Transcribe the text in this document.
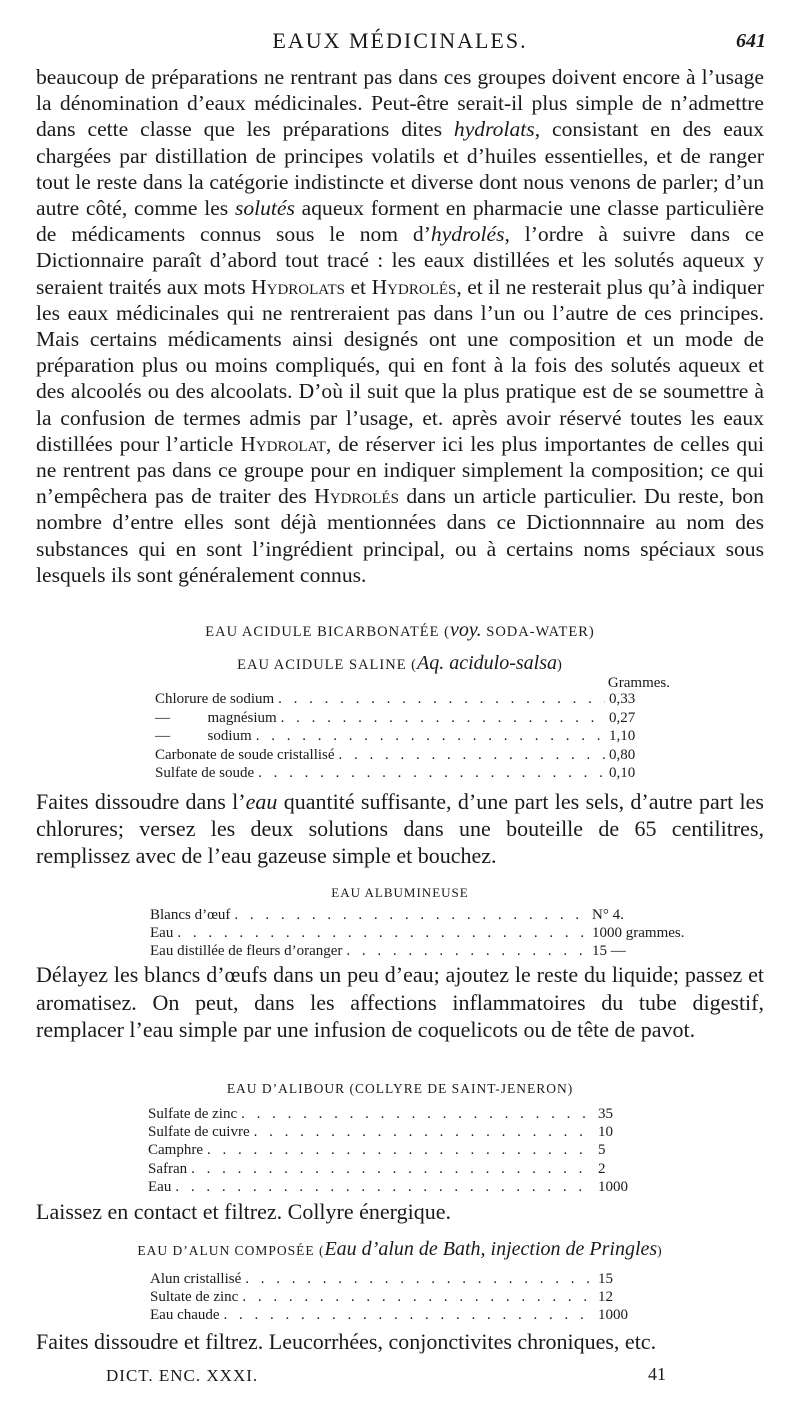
EAUX MÉDICINALES.	641

beaucoup de préparations ne rentrant pas dans ces groupes doivent encore à l’usage la dénomination d’eaux médicinales. Peut-être serait-il plus simple de n’admettre dans cette classe que les préparations dites hydrolats, consistant en des eaux chargées par distillation de principes volatils et d’huiles essentielles, et de ranger tout le reste dans la catégorie indistincte et diverse dont nous venons de parler; d’un autre côté, comme les solutés aqueux forment en pharmacie une classe particulière de médicaments connus sous le nom d’hydrolés, l’ordre à suivre dans ce Dictionnaire paraît d’abord tout tracé : les eaux distillées et les solutés aqueux y seraient traités aux mots Hydrolats et Hydrolés, et il ne resterait plus qu’à indiquer les eaux médicinales qui ne rentreraient pas dans l’un ou l’autre de ces principes. Mais certains médicaments ainsi designés ont une composition et un mode de préparation plus ou moins compliqués, qui en font à la fois des solutés aqueux et des alcoolés ou des alcoolats. D’où il suit que la plus pratique est de se soumettre à la confusion de termes admis par l’usage, et. après avoir réservé toutes les eaux distillées pour l’article Hydrolat, de réserver ici les plus importantes de celles qui ne rentrent pas dans ce groupe pour en indiquer simplement la composition; ce qui n’empêchera pas de traiter des Hydrolés dans un article particulier. Du reste, bon nombre d’entre elles sont déjà mentionnées dans ce Dictionnnaire au nom des substances qui en sont l’ingrédient principal, ou à certains noms spéciaux sous lesquels ils sont généralement connus.

EAU ACIDULE BICARBONATÉE (voy. SODA-WATER)
EAU ACIDULE SALINE (Aq. acidulo-salsa)
Grammes.
Chlorure de sodium . . .	0,33
—          magnésium . . .	0,27
—          sodium . . .	1,10
Carbonate de soude cristallisé . . .	0,80
Sulfate de soude . . .	0,10

Faites dissoudre dans l’eau quantité suffisante, d’une part les sels, d’autre part les chlorures; versez les deux solutions dans une bouteille de 65 centilitres, remplissez avec de l’eau gazeuse simple et bouchez.

EAU ALBUMINEUSE
Blancs d’œuf . . .	N° 4.
Eau . . .	1000 grammes.
Eau distillée de fleurs d’oranger . . .	15 —

Délayez les blancs d’œufs dans un peu d’eau; ajoutez le reste du liquide; passez et aromatisez. On peut, dans les affections inflammatoires du tube digestif, remplacer l’eau simple par une infusion de coquelicots ou de tête de pavot.

EAU D’ALIBOUR (COLLYRE DE SAINT-JENERON)
Sulfate de zinc . . .	35
Sulfate de cuivre . . .	10
Camphre . . .	5
Safran . . .	2
Eau . . .	1000

Laissez en contact et filtrez. Collyre énergique.

EAU D’ALUN COMPOSÉE (Eau d’alun de Bath, injection de Pringles)
Alun cristallisé . . .	15
Sultate de zinc . . .	12
Eau chaude . . .	1000

Faites dissoudre et filtrez. Leucorrhées, conjonctivites chroniques, etc.

DICT. ENC. XXXI.	41
